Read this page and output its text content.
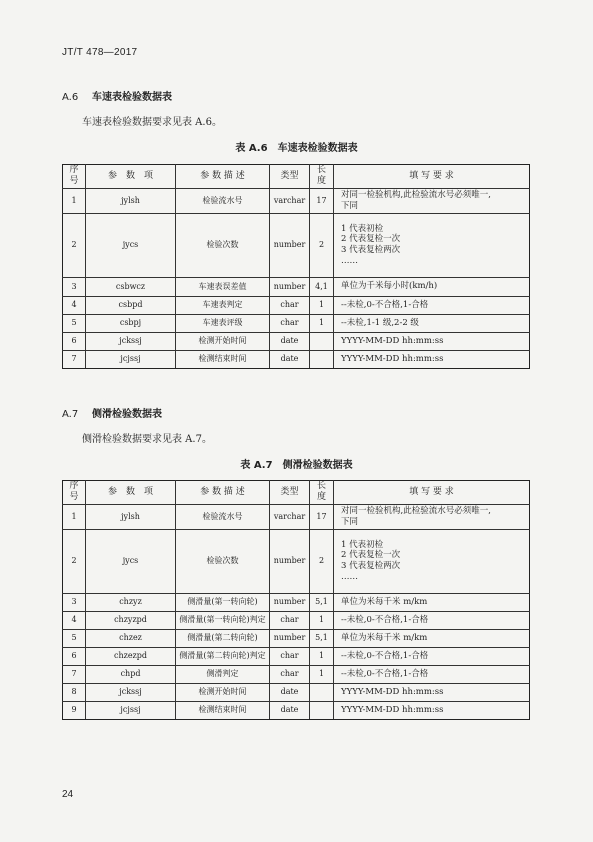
JT/T 478—2017
A.6 车速表检验数据表
车速表检验数据要求见表 A.6。
表 A.6 车速表检验数据表
序号	参　数　项	参 数 描 述	类型	长度	填 写 要 求
1	jylsh	检验流水号	varchar	17	对同一检验机构,此检验流水号必须唯一,
下同

2	jycs	检验次数	number	2	1 代表初检
2 代表复检一次
3 代表复检两次
……

3	csbwcz	车速表误差值	number	4,1	单位为千米每小时(km/h)

4	csbpd	车速表判定	char	1	--未检,0-不合格,1-合格

5	csbpj	车速表评级	char	1	--未检,1-1 级,2-2 级

6	jckssj	检测开始时间	date		YYYY-MM-DD hh:mm:ss

7	jcjssj	检测结束时间	date		YYYY-MM-DD hh:mm:ss
A.7 侧滑检验数据表
侧滑检验数据要求见表 A.7。
表 A.7 侧滑检验数据表
序号	参　数　项	参 数 描 述	类型	长度	填 写 要 求
1	jylsh	检验流水号	varchar	17	对同一检验机构,此检验流水号必须唯一,
下同

2	jycs	检验次数	number	2	1 代表初检
2 代表复检一次
3 代表复检两次
……

3	chzyz	侧滑量(第一转向轮)	number	5,1	单位为米每千米 m/km

4	chzyzpd	侧滑量(第一转向轮)判定	char	1	--未检,0-不合格,1-合格

5	chzez	侧滑量(第二转向轮)	number	5,1	单位为米每千米 m/km

6	chzezpd	侧滑量(第二转向轮)判定	char	1	--未检,0-不合格,1-合格

7	chpd	侧滑判定	char	1	--未检,0-不合格,1-合格

8	jckssj	检测开始时间	date		YYYY-MM-DD hh:mm:ss

9	jcjssj	检测结束时间	date		YYYY-MM-DD hh:mm:ss
24
